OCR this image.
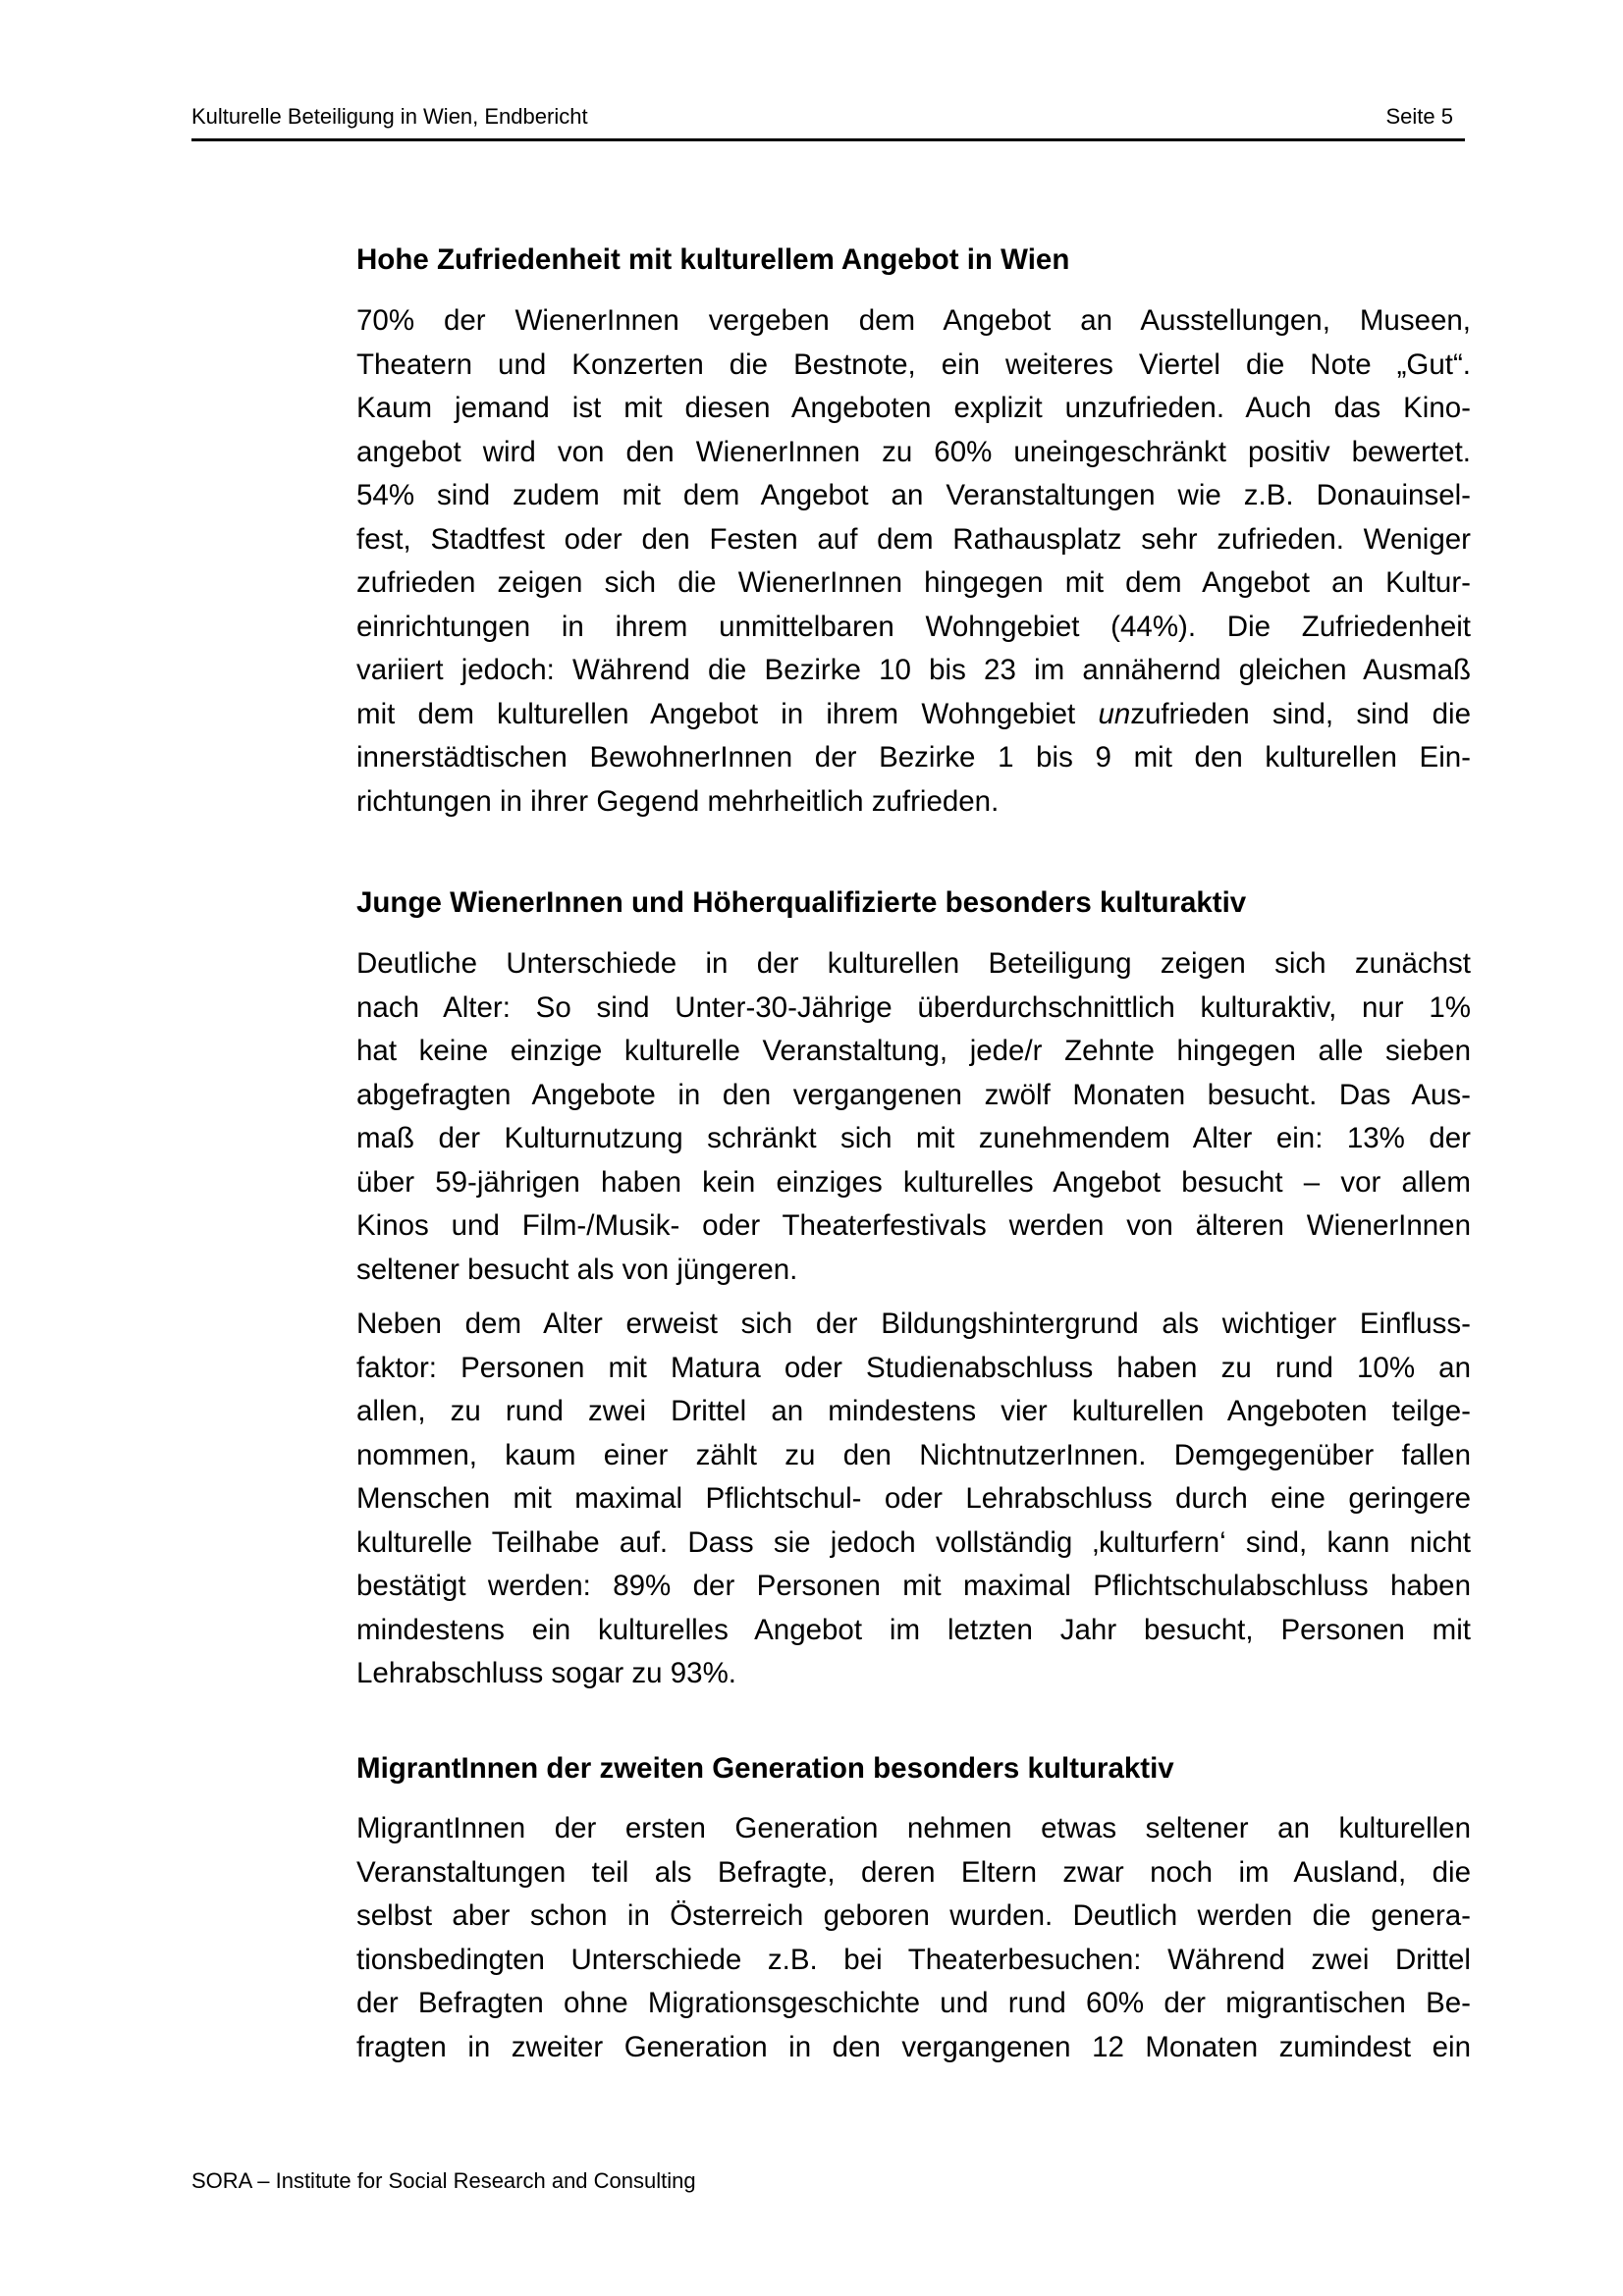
Kulturelle Beteiligung in Wien, Endbericht	Seite 5
Hohe Zufriedenheit mit kulturellem Angebot in Wien
70% der WienerInnen vergeben dem Angebot an Ausstellungen, Museen,
Theatern und Konzerten die Bestnote, ein weiteres Viertel die Note „Gut“.
Kaum jemand ist mit diesen Angeboten explizit unzufrieden. Auch das Kino-
angebot wird von den WienerInnen zu 60% uneingeschränkt positiv bewertet.
54% sind zudem mit dem Angebot an Veranstaltungen wie z.B. Donauinsel-
fest, Stadtfest oder den Festen auf dem Rathausplatz sehr zufrieden. Weniger
zufrieden zeigen sich die WienerInnen hingegen mit dem Angebot an Kultur-
einrichtungen in ihrem unmittelbaren Wohngebiet (44%). Die Zufriedenheit
variiert jedoch: Während die Bezirke 10 bis 23 im annähernd gleichen Ausmaß
mit dem kulturellen Angebot in ihrem Wohngebiet unzufrieden sind, sind die
innerstädtischen BewohnerInnen der Bezirke 1 bis 9 mit den kulturellen Ein-
richtungen in ihrer Gegend mehrheitlich zufrieden.
Junge WienerInnen und Höherqualifizierte besonders kulturaktiv
Deutliche Unterschiede in der kulturellen Beteiligung zeigen sich zunächst
nach Alter: So sind Unter-30-Jährige überdurchschnittlich kulturaktiv, nur 1%
hat keine einzige kulturelle Veranstaltung, jede/r Zehnte hingegen alle sieben
abgefragten Angebote in den vergangenen zwölf Monaten besucht. Das Aus-
maß der Kulturnutzung schränkt sich mit zunehmendem Alter ein: 13% der
über 59-jährigen haben kein einziges kulturelles Angebot besucht – vor allem
Kinos und Film-/Musik- oder Theaterfestivals werden von älteren WienerInnen
seltener besucht als von jüngeren.
Neben dem Alter erweist sich der Bildungshintergrund als wichtiger Einfluss-
faktor: Personen mit Matura oder Studienabschluss haben zu rund 10% an
allen, zu rund zwei Drittel an mindestens vier kulturellen Angeboten teilge-
nommen, kaum einer zählt zu den NichtnutzerInnen. Demgegenüber fallen
Menschen mit maximal Pflichtschul- oder Lehrabschluss durch eine geringere
kulturelle Teilhabe auf. Dass sie jedoch vollständig ‚kulturfern‘ sind, kann nicht
bestätigt werden: 89% der Personen mit maximal Pflichtschulabschluss haben
mindestens ein kulturelles Angebot im letzten Jahr besucht, Personen mit
Lehrabschluss sogar zu 93%.
MigrantInnen der zweiten Generation besonders kulturaktiv
MigrantInnen der ersten Generation nehmen etwas seltener an kulturellen
Veranstaltungen teil als Befragte, deren Eltern zwar noch im Ausland, die
selbst aber schon in Österreich geboren wurden. Deutlich werden die genera-
tionsbedingten Unterschiede z.B. bei Theaterbesuchen: Während zwei Drittel
der Befragten ohne Migrationsgeschichte und rund 60% der migrantischen Be-
fragten in zweiter Generation in den vergangenen 12 Monaten zumindest ein
SORA – Institute for Social Research and Consulting
